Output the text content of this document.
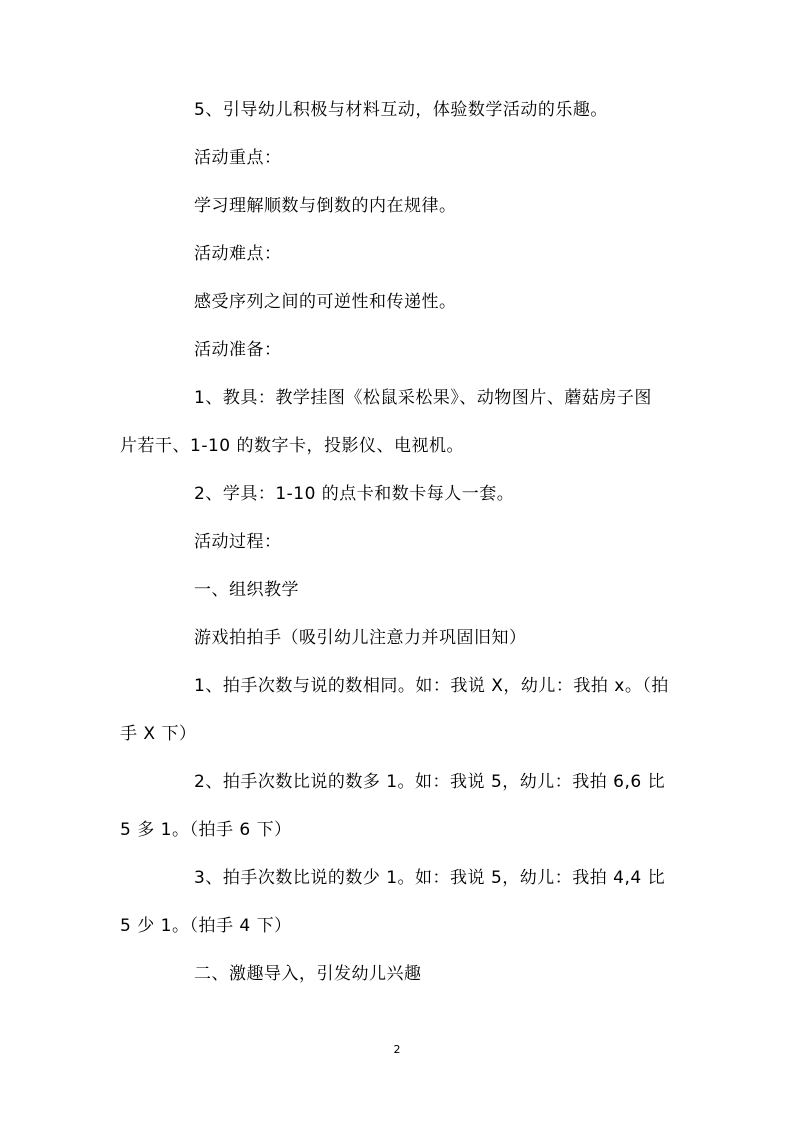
5、引导幼儿积极与材料互动，体验数学活动的乐趣。
活动重点：
学习理解顺数与倒数的内在规律。
活动难点：
感受序列之间的可逆性和传递性。
活动准备：
1、教具：教学挂图《松鼠采松果》、动物图片、蘑菇房子图
片若干、1-10 的数字卡，投影仪、电视机。
2、学具：1-10 的点卡和数卡每人一套。
活动过程：
一、组织教学
游戏拍拍手（吸引幼儿注意力并巩固旧知）
1、拍手次数与说的数相同。如：我说 X，幼儿：我拍 x。（拍
手 X 下）
2、拍手次数比说的数多 1。如：我说 5，幼儿：我拍 6,6 比
5 多 1。（拍手 6 下）
3、拍手次数比说的数少 1。如：我说 5，幼儿：我拍 4,4 比
5 少 1。（拍手 4 下）
二、激趣导入，引发幼儿兴趣
2
